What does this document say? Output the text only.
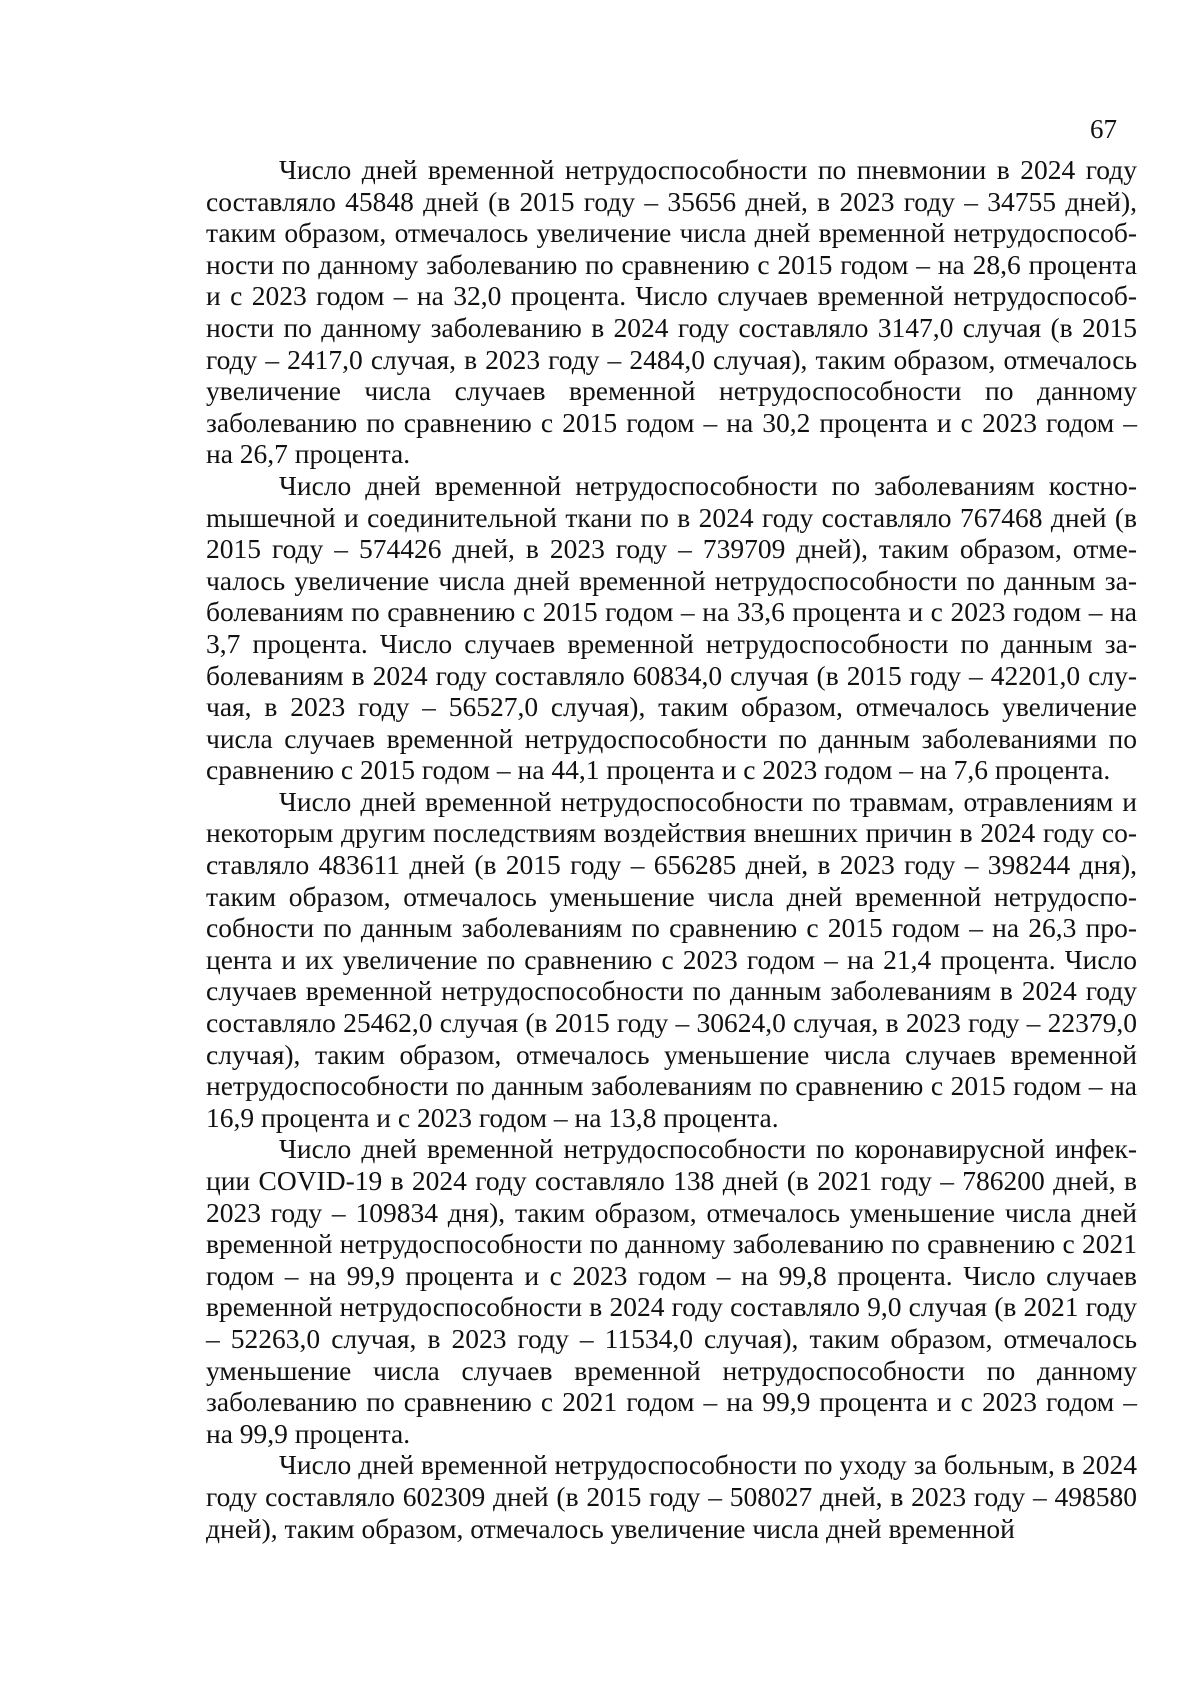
67

Число дней временной нетрудоспособности по пневмонии в 2024 году составляло 45848 дней (в 2015 году – 35656 дней, в 2023 году – 34755 дней), таким образом, отмечалось увеличение числа дней временной нетрудоспособности по данному заболеванию по сравнению с 2015 годом – на 28,6 процента и с 2023 годом – на 32,0 процента. Число случаев временной нетрудоспособности по данному заболеванию в 2024 году составляло 3147,0 случая (в 2015 году – 2417,0 случая, в 2023 году – 2484,0 случая), таким образом, отмечалось увеличение числа случаев временной нетрудоспособности по данному заболеванию по сравнению с 2015 годом – на 30,2 процента и с 2023 годом – на 26,7 процента.

Число дней временной нетрудоспособности по заболеваниям костноmышечной и соединительной ткани по в 2024 году составляло 767468 дней (в 2015 году – 574426 дней, в 2023 году – 739709 дней), таким образом, отмечалось увеличение числа дней временной нетрудоспособности по данным заболеваниям по сравнению с 2015 годом – на 33,6 процента и с 2023 годом – на 3,7 процента. Число случаев временной нетрудоспособности по данным заболеваниям в 2024 году составляло 60834,0 случая (в 2015 году – 42201,0 случая, в 2023 году – 56527,0 случая), таким образом, отмечалось увеличение числа случаев временной нетрудоспособности по данным заболеваниями по сравнению с 2015 годом – на 44,1 процента и с 2023 годом – на 7,6 процента.

Число дней временной нетрудоспособности по травмам, отравлениям и некоторым другим последствиям воздействия внешних причин в 2024 году составляло 483611 дней (в 2015 году – 656285 дней, в 2023 году – 398244 дня), таким образом, отмечалось уменьшение числа дней временной нетрудоспособности по данным заболеваниям по сравнению с 2015 годом – на 26,3 процента и их увеличение по сравнению с 2023 годом – на 21,4 процента. Число случаев временной нетрудоспособности по данным заболеваниям в 2024 году составляло 25462,0 случая (в 2015 году – 30624,0 случая, в 2023 году – 22379,0 случая), таким образом, отмечалось уменьшение числа случаев временной нетрудоспособности по данным заболеваниям по сравнению с 2015 годом – на 16,9 процента и с 2023 годом – на 13,8 процента.

Число дней временной нетрудоспособности по коронавирусной инфекции COVID-19 в 2024 году составляло 138 дней (в 2021 году – 786200 дней, в 2023 году – 109834 дня), таким образом, отмечалось уменьшение числа дней временной нетрудоспособности по данному заболеванию по сравнению с 2021 годом – на 99,9 процента и с 2023 годом – на 99,8 процента. Число случаев временной нетрудоспособности в 2024 году составляло 9,0 случая (в 2021 году – 52263,0 случая, в 2023 году – 11534,0 случая), таким образом, отмечалось уменьшение числа случаев временной нетрудоспособности по данному заболеванию по сравнению с 2021 годом – на 99,9 процента и с 2023 годом – на 99,9 процента.

Число дней временной нетрудоспособности по уходу за больным, в 2024 году составляло 602309 дней (в 2015 году – 508027 дней, в 2023 году – 498580 дней), таким образом, отмечалось увеличение числа дней временной
